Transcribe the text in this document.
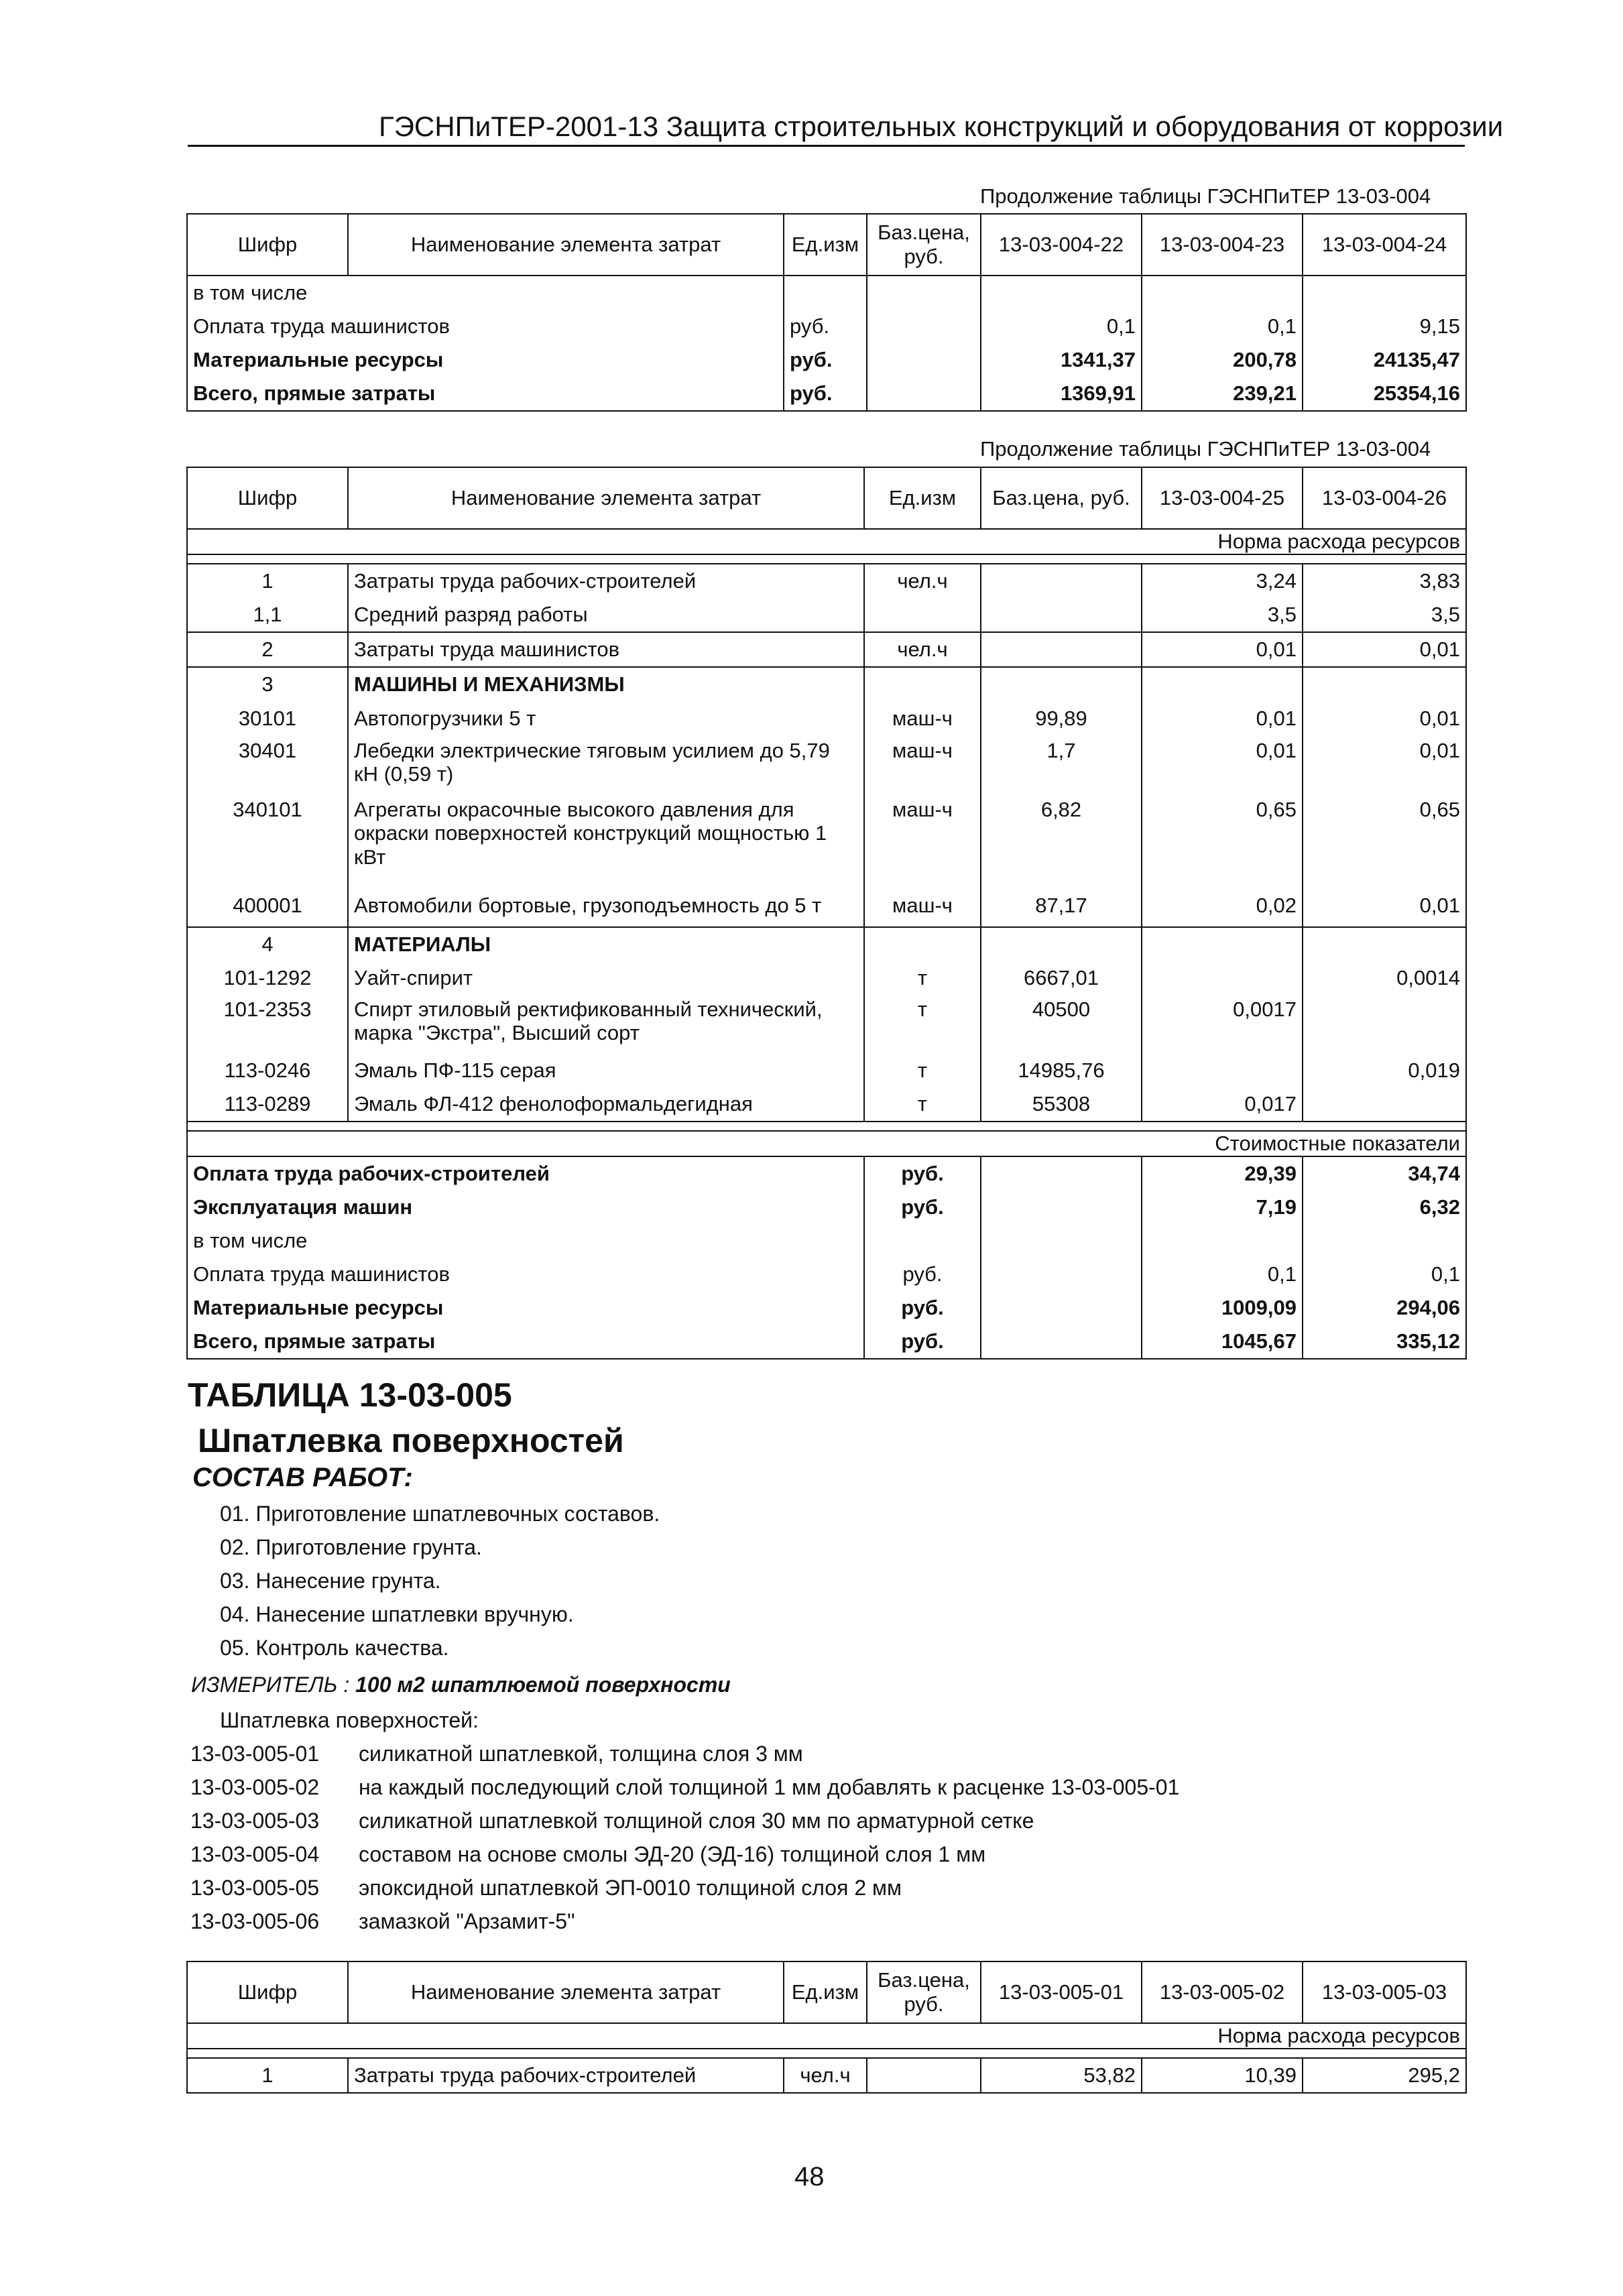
ГЭСНПиТЕР-2001-13 Защита строительных конструкций и оборудования от коррозии
Продолжение таблицы ГЭСНПиТЕР 13-03-004
Шифр	Наименование элемента затрат	Ед.изм	Баз.цена, руб.	13-03-004-22	13-03-004-23	13-03-004-24
в том числе						
Оплата труда машинистов		руб.		0,1	0,1	9,15
Материальные ресурсы		руб.		1341,37	200,78	24135,47
Всего, прямые затраты		руб.		1369,91	239,21	25354,16
Продолжение таблицы ГЭСНПиТЕР 13-03-004
Шифр	Наименование элемента затрат	Ед.изм	Баз.цена, руб.	13-03-004-25	13-03-004-26
Норма расхода ресурсов					

1	Затраты труда рабочих-строителей	чел.ч		3,24	3,83
1,1	Средний разряд работы			3,5	3,5
2	Затраты труда машинистов	чел.ч		0,01	0,01
3	МАШИНЫ И МЕХАНИЗМЫ				
30101	Автопогрузчики 5 т	маш-ч	99,89	0,01	0,01
30401	Лебедки электрические тяговым усилием до 5,79 кН (0,59 т)	маш-ч	1,7	0,01	0,01
340101	Агрегаты окрасочные высокого давления для окраски поверхностей конструкций мощностью 1 кВт	маш-ч	6,82	0,65	0,65
400001	Автомобили бортовые, грузоподъемность до 5 т	маш-ч	87,17	0,02	0,01
4	МАТЕРИАЛЫ				
101-1292	Уайт-спирит	т	6667,01		0,0014
101-2353	Спирт этиловый ректификованный технический, марка "Экстра", Высший сорт	т	40500	0,0017	
113-0246	Эмаль ПФ-115 серая	т	14985,76		0,019
113-0289	Эмаль ФЛ-412 фенолоформальдегидная	т	55308	0,017	

Стоимостные показатели					
Оплата труда рабочих-строителей		руб.		29,39	34,74
Эксплуатация машин		руб.		7,19	6,32
в том числе					
Оплата труда машинистов		руб.		0,1	0,1
Материальные ресурсы		руб.		1009,09	294,06
Всего, прямые затраты		руб.		1045,67	335,12
ТАБЛИЦА 13-03-005
Шпатлевка поверхностей
СОСТАВ РАБОТ:
01. Приготовление шпатлевочных составов.
02. Приготовление грунта.
03. Нанесение грунта.
04. Нанесение шпатлевки вручную.
05. Контроль качества.
ИЗМЕРИТЕЛЬ : 100 м2 шпатлюемой поверхности
Шпатлевка поверхностей:
13-03-005-01 силикатной шпатлевкой, толщина слоя 3 мм
13-03-005-02 на каждый последующий слой толщиной 1 мм добавлять к расценке 13-03-005-01
13-03-005-03 силикатной шпатлевкой толщиной слоя 30 мм по арматурной сетке
13-03-005-04 составом на основе смолы ЭД-20 (ЭД-16) толщиной слоя 1 мм
13-03-005-05 эпоксидной шпатлевкой ЭП-0010 толщиной слоя 2 мм
13-03-005-06 замазкой "Арзамит-5"
Шифр	Наименование элемента затрат	Ед.изм	Баз.цена, руб.	13-03-005-01	13-03-005-02	13-03-005-03
Норма расхода ресурсов						

1	Затраты труда рабочих-строителей	чел.ч		53,82	10,39	295,2
48
